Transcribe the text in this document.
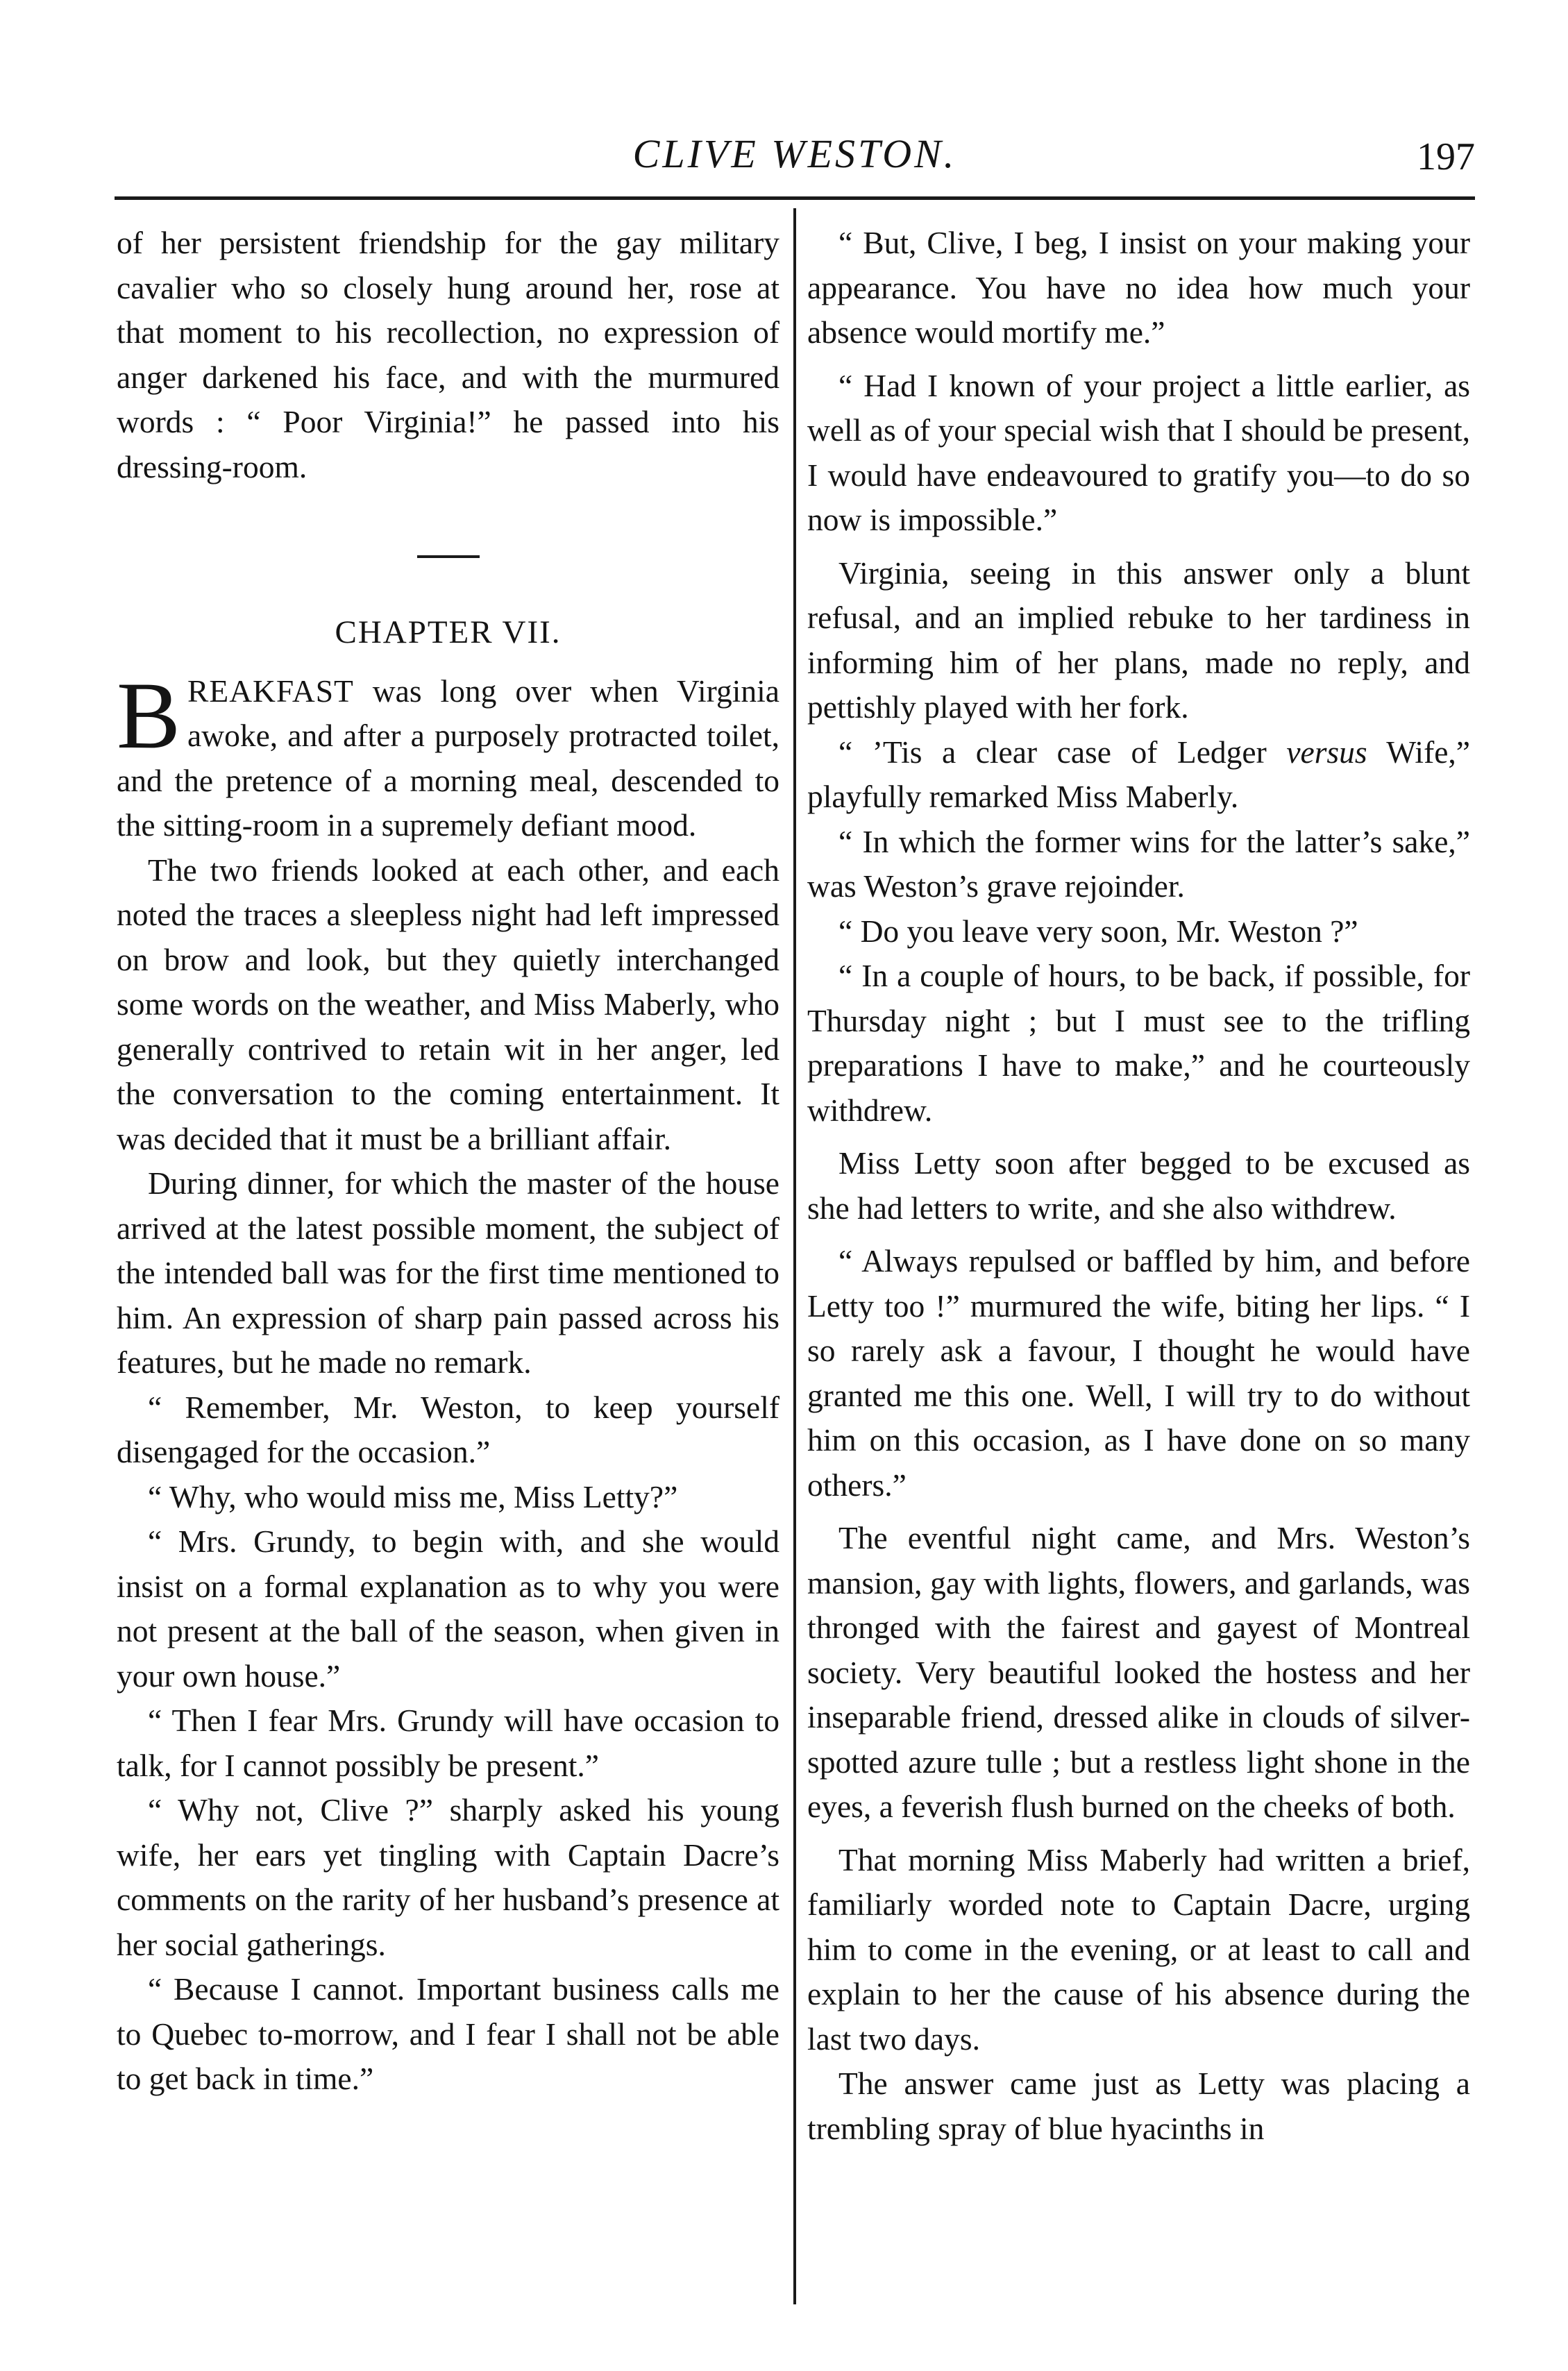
CLIVE WESTON.	197

of her persistent friendship for the gay military cavalier who so closely hung around her, rose at that moment to his recollection, no expression of anger darkened his face, and with the murmured words : “ Poor Virginia!” he passed into his dressing-room.

CHAPTER VII.

BREAKFAST was long over when Virginia awoke, and after a purposely protracted toilet, and the pretence of a morning meal, descended to the sitting-room in a supremely defiant mood.

The two friends looked at each other, and each noted the traces a sleepless night had left impressed on brow and look, but they quietly interchanged some words on the weather, and Miss Maberly, who generally contrived to retain wit in her anger, led the conversation to the coming entertainment. It was decided that it must be a brilliant affair.

During dinner, for which the master of the house arrived at the latest possible moment, the subject of the intended ball was for the first time mentioned to him. An expression of sharp pain passed across his features, but he made no remark.

“ Remember, Mr. Weston, to keep yourself disengaged for the occasion.”

“ Why, who would miss me, Miss Letty?”

“ Mrs. Grundy, to begin with, and she would insist on a formal explanation as to why you were not present at the ball of the season, when given in your own house.”

“ Then I fear Mrs. Grundy will have occasion to talk, for I cannot possibly be present.”

“ Why not, Clive ?” sharply asked his young wife, her ears yet tingling with Captain Dacre’s comments on the rarity of her husband’s presence at her social gatherings.

“ Because I cannot. Important business calls me to Quebec to-morrow, and I fear I shall not be able to get back in time.”

“ But, Clive, I beg, I insist on your making your appearance. You have no idea how much your absence would mortify me.”

“ Had I known of your project a little earlier, as well as of your special wish that I should be present, I would have endeavoured to gratify you—to do so now is impossible.”

Virginia, seeing in this answer only a blunt refusal, and an implied rebuke to her tardiness in informing him of her plans, made no reply, and pettishly played with her fork.

“ ’Tis a clear case of Ledger versus Wife,” playfully remarked Miss Maberly.

“ In which the former wins for the latter’s sake,” was Weston’s grave rejoinder.

“ Do you leave very soon, Mr. Weston ?”

“ In a couple of hours, to be back, if possible, for Thursday night ; but I must see to the trifling preparations I have to make,” and he courteously withdrew.

Miss Letty soon after begged to be excused as she had letters to write, and she also withdrew.

“ Always repulsed or baffled by him, and before Letty too !” murmured the wife, biting her lips. “ I so rarely ask a favour, I thought he would have granted me this one. Well, I will try to do without him on this occasion, as I have done on so many others.”

The eventful night came, and Mrs. Weston’s mansion, gay with lights, flowers, and garlands, was thronged with the fairest and gayest of Montreal society. Very beautiful looked the hostess and her inseparable friend, dressed alike in clouds of silver-spotted azure tulle ; but a restless light shone in the eyes, a feverish flush burned on the cheeks of both.

That morning Miss Maberly had written a brief, familiarly worded note to Captain Dacre, urging him to come in the evening, or at least to call and explain to her the cause of his absence during the last two days.

The answer came just as Letty was placing a trembling spray of blue hyacinths in
